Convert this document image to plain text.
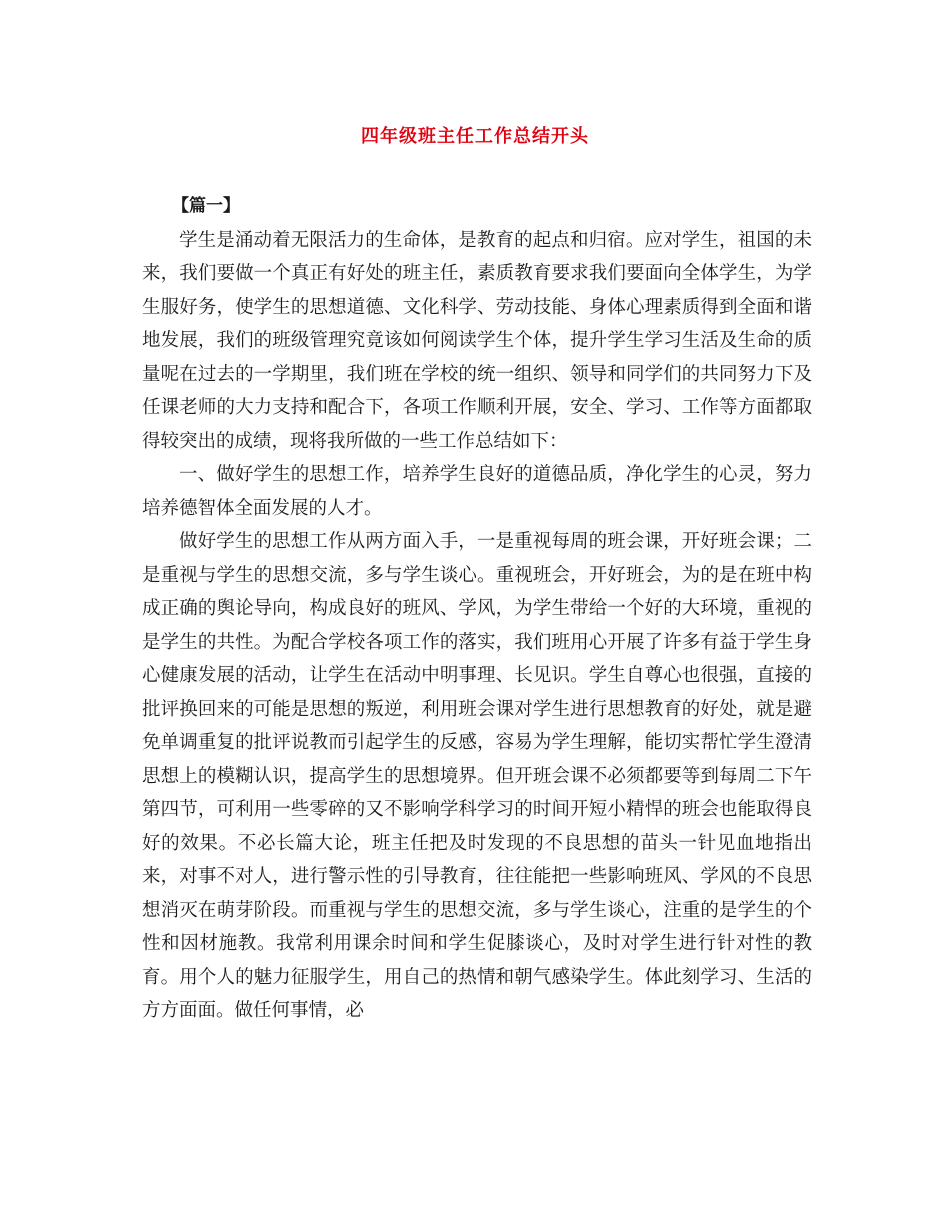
四年级班主任工作总结开头

【篇一】

学生是涌动着无限活力的生命体，是教育的起点和归宿。应对学生，祖国的未来，我们要做一个真正有好处的班主任，素质教育要求我们要面向全体学生，为学生服好务，使学生的思想道德、文化科学、劳动技能、身体心理素质得到全面和谐地发展，我们的班级管理究竟该如何阅读学生个体，提升学生学习生活及生命的质量呢在过去的一学期里，我们班在学校的统一组织、领导和同学们的共同努力下及任课老师的大力支持和配合下，各项工作顺利开展，安全、学习、工作等方面都取得较突出的成绩，现将我所做的一些工作总结如下：

一、做好学生的思想工作，培养学生良好的道德品质，净化学生的心灵，努力培养德智体全面发展的人才。

做好学生的思想工作从两方面入手，一是重视每周的班会课，开好班会课；二是重视与学生的思想交流，多与学生谈心。重视班会，开好班会，为的是在班中构成正确的舆论导向，构成良好的班风、学风，为学生带给一个好的大环境，重视的是学生的共性。为配合学校各项工作的落实，我们班用心开展了许多有益于学生身心健康发展的活动，让学生在活动中明事理、长见识。学生自尊心也很强，直接的批评换回来的可能是思想的叛逆，利用班会课对学生进行思想教育的好处，就是避免单调重复的批评说教而引起学生的反感，容易为学生理解，能切实帮忙学生澄清思想上的模糊认识，提高学生的思想境界。但开班会课不必须都要等到每周二下午第四节，可利用一些零碎的又不影响学科学习的时间开短小精悍的班会也能取得良好的效果。不必长篇大论，班主任把及时发现的不良思想的苗头一针见血地指出来，对事不对人，进行警示性的引导教育，往往能把一些影响班风、学风的不良思想消灭在萌芽阶段。而重视与学生的思想交流，多与学生谈心，注重的是学生的个性和因材施教。我常利用课余时间和学生促膝谈心，及时对学生进行针对性的教育。用个人的魅力征服学生，用自己的热情和朝气感染学生。体此刻学习、生活的方方面面。做任何事情，必
